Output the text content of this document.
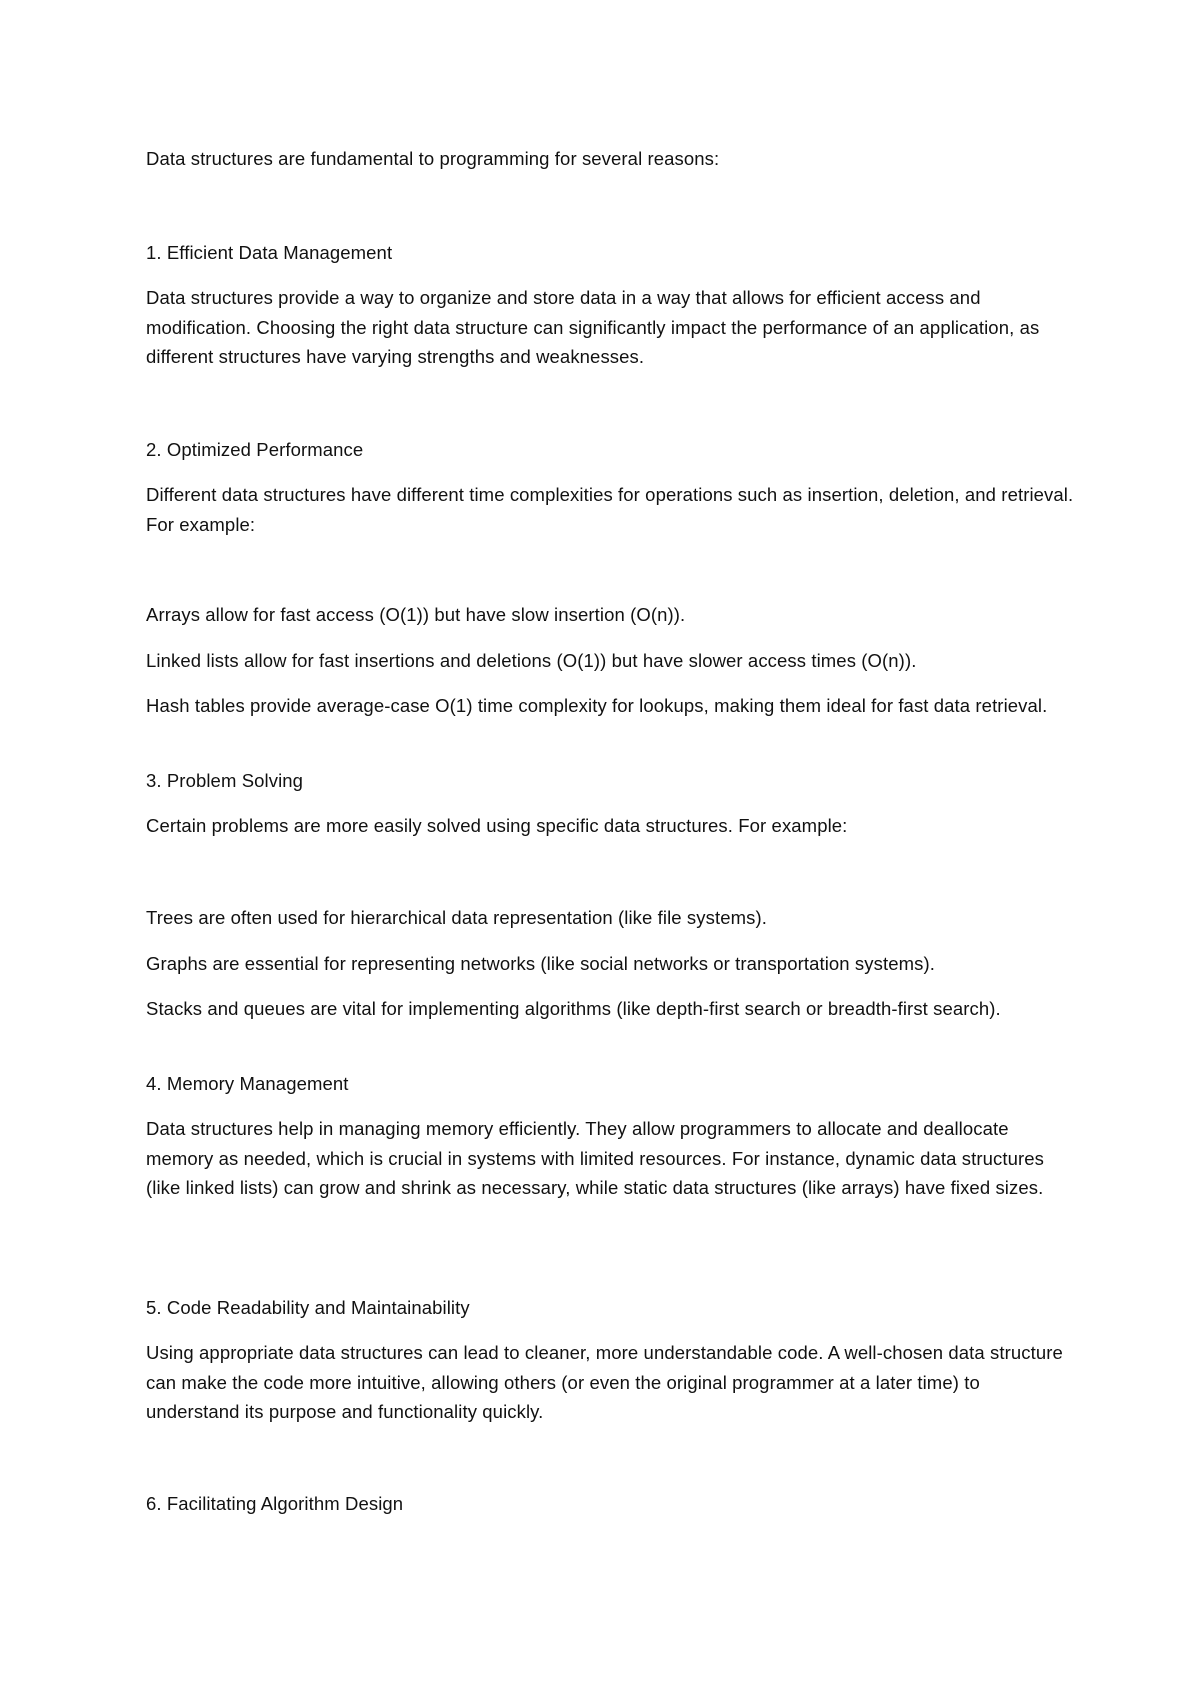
Data structures are fundamental to programming for several reasons:

1. Efficient Data Management

Data structures provide a way to organize and store data in a way that allows for efficient access and modification. Choosing the right data structure can significantly impact the performance of an application, as different structures have varying strengths and weaknesses.

2. Optimized Performance

Different data structures have different time complexities for operations such as insertion, deletion, and retrieval. For example:

Arrays allow for fast access (O(1)) but have slow insertion (O(n)).

Linked lists allow for fast insertions and deletions (O(1)) but have slower access times (O(n)).

Hash tables provide average-case O(1) time complexity for lookups, making them ideal for fast data retrieval.

3. Problem Solving

Certain problems are more easily solved using specific data structures. For example:

Trees are often used for hierarchical data representation (like file systems).

Graphs are essential for representing networks (like social networks or transportation systems).

Stacks and queues are vital for implementing algorithms (like depth-first search or breadth-first search).

4. Memory Management

Data structures help in managing memory efficiently. They allow programmers to allocate and deallocate memory as needed, which is crucial in systems with limited resources. For instance, dynamic data structures (like linked lists) can grow and shrink as necessary, while static data structures (like arrays) have fixed sizes.

5. Code Readability and Maintainability

Using appropriate data structures can lead to cleaner, more understandable code. A well-chosen data structure can make the code more intuitive, allowing others (or even the original programmer at a later time) to understand its purpose and functionality quickly.

6. Facilitating Algorithm Design
